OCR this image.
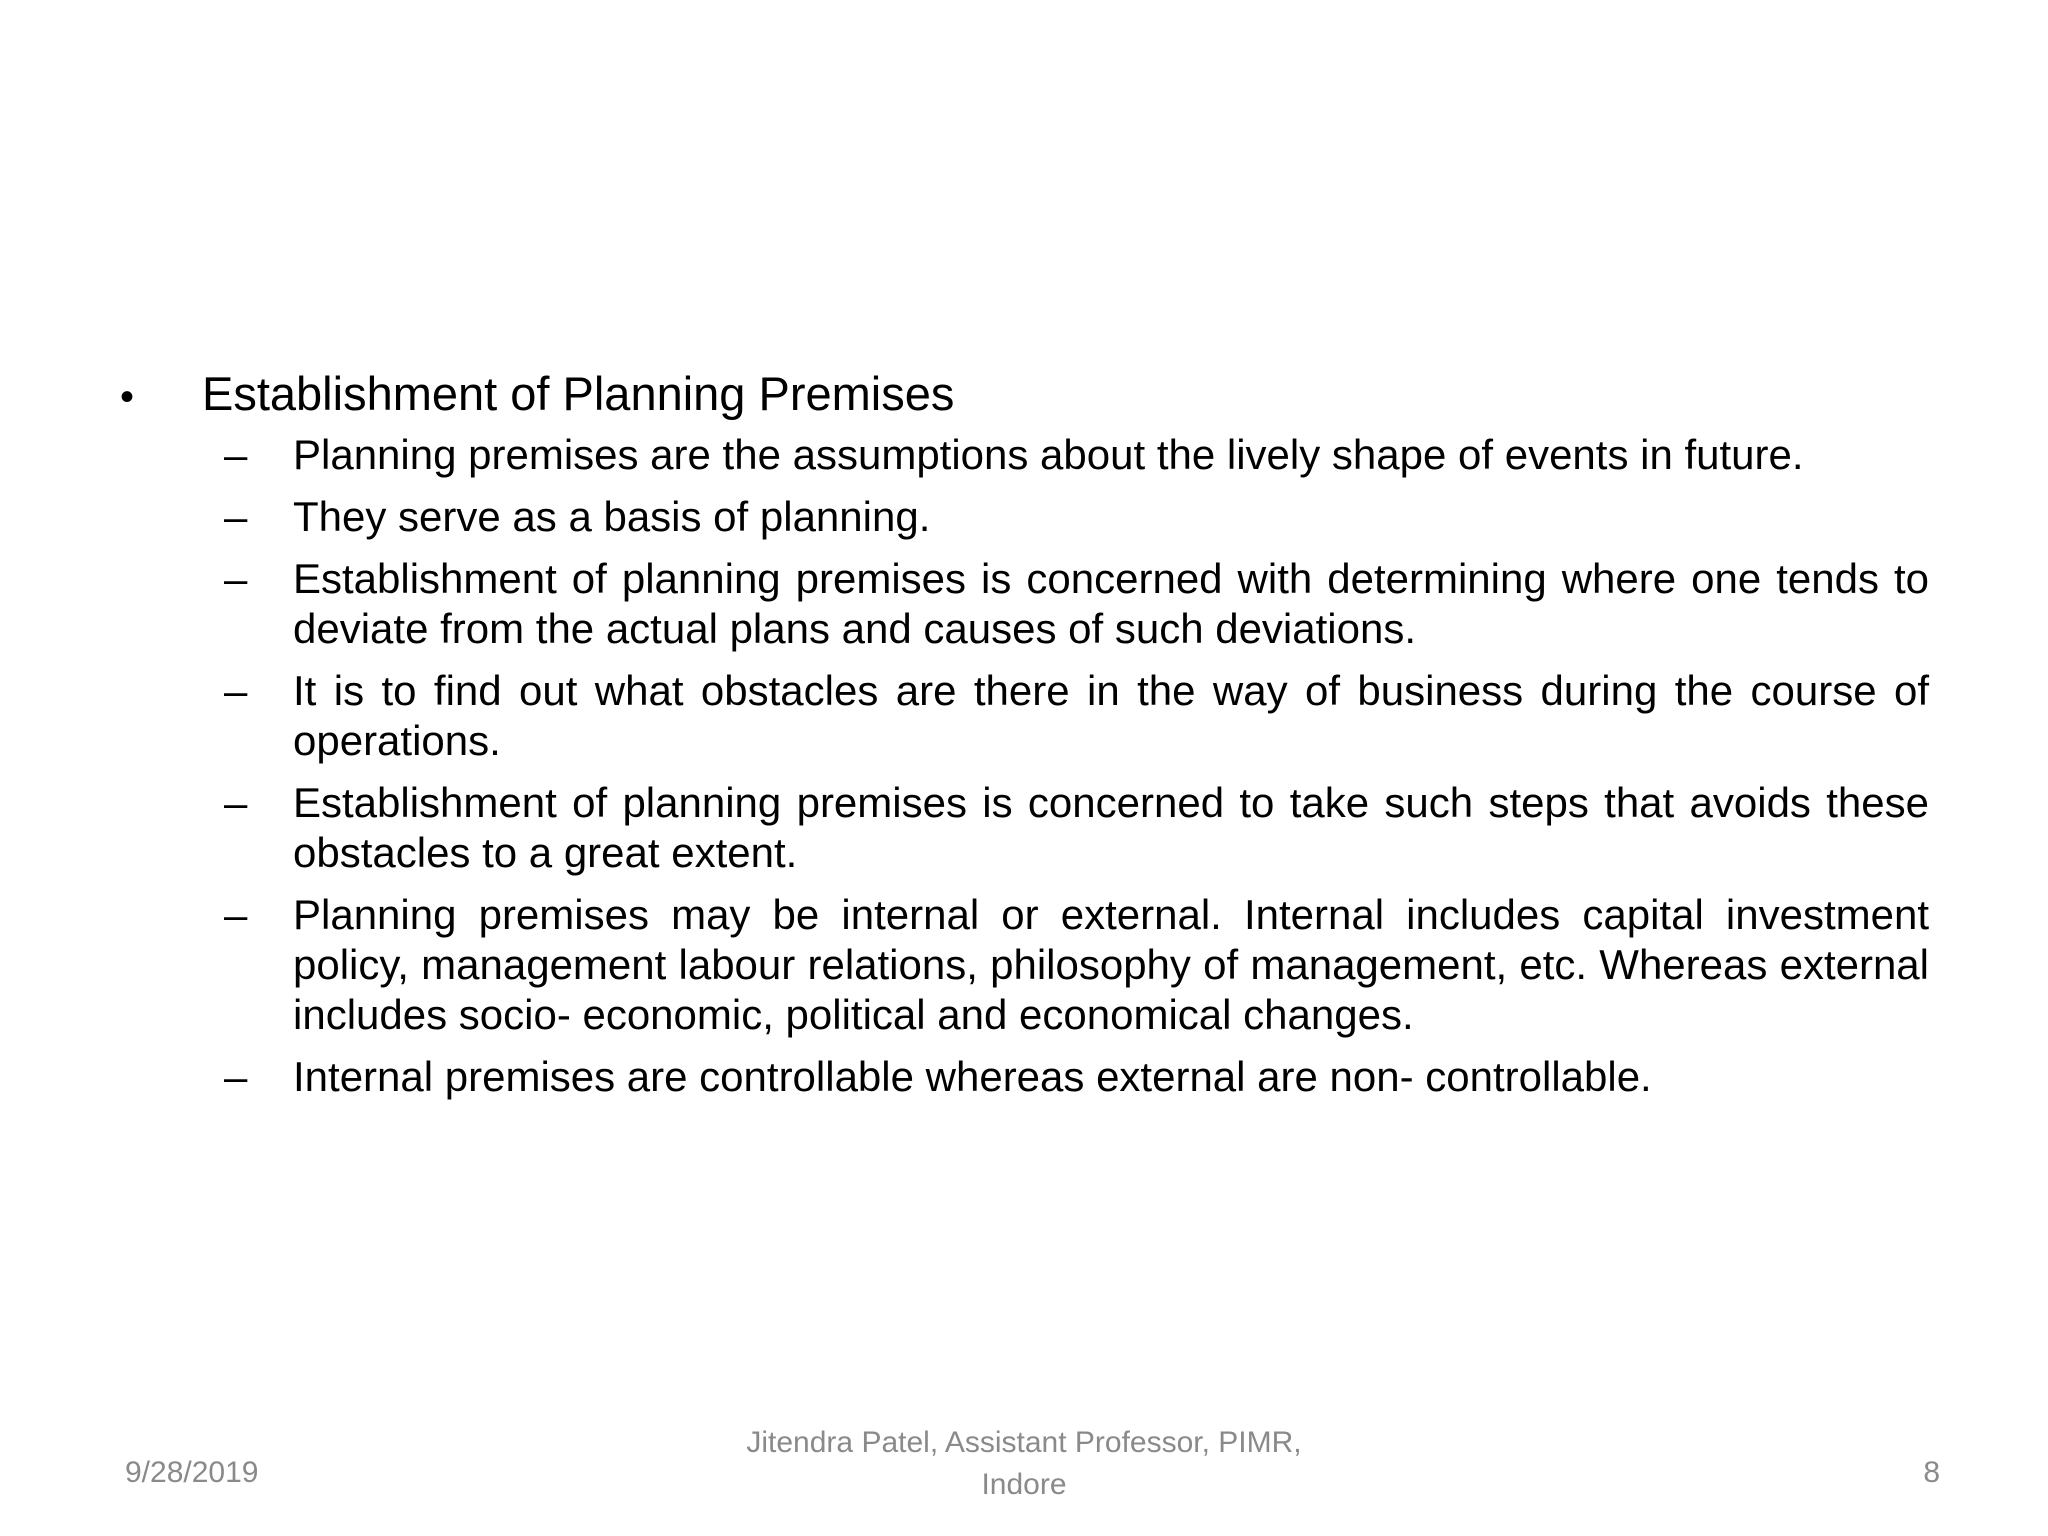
•	Establishment of Planning Premises
–	Planning premises are the assumptions about the lively shape of events in future.
–	They serve as a basis of planning.
–	Establishment of planning premises is concerned with determining where one tends to deviate from the actual plans and causes of such deviations.
–	It is to find out what obstacles are there in the way of business during the course of operations.
–	Establishment of planning premises is concerned to take such steps that avoids these obstacles to a great extent.
–	Planning premises may be internal or external. Internal includes capital investment policy, management labour relations, philosophy of management, etc. Whereas external includes socio- economic, political and economical changes.
–	Internal premises are controllable whereas external are non- controllable.
9/28/2019
Jitendra Patel, Assistant Professor, PIMR,
Indore	8
